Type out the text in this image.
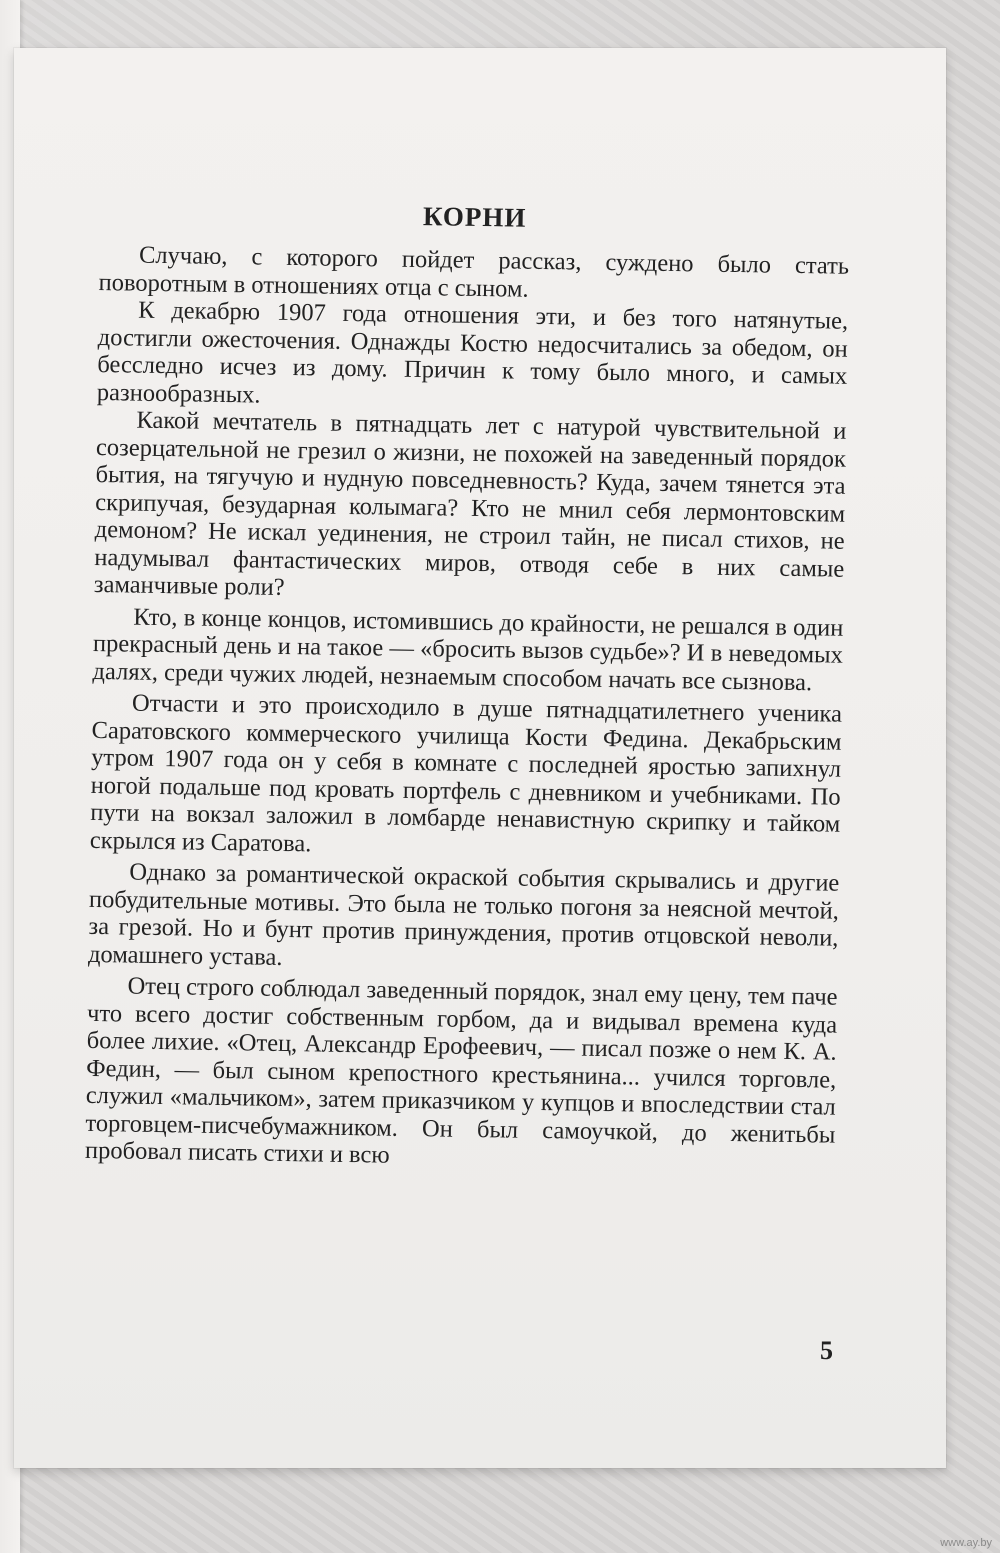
КОРНИ

Случаю, с которого пойдет рассказ, суждено было стать поворотным в отношениях отца с сыном.

К декабрю 1907 года отношения эти, и без того натянутые, достигли ожесточения. Однажды Костю недосчитались за обедом, он бесследно исчез из дому. Причин к тому было много, и самых разнообразных.

Какой мечтатель в пятнадцать лет с натурой чувствительной и созерцательной не грезил о жизни, не похожей на заведенный порядок бытия, на тягучую и нудную повседневность? Куда, зачем тянется эта скрипучая, безударная колымага? Кто не мнил себя лермонтовским демоном? Не искал уединения, не строил тайн, не писал стихов, не надумывал фантастических миров, отводя себе в них самые заманчивые роли?

Кто, в конце концов, истомившись до крайности, не решался в один прекрасный день и на такое — «бросить вызов судьбе»? И в неведомых далях, среди чужих людей, незнаемым способом начать все сызнова.

Отчасти и это происходило в душе пятнадцатилетнего ученика Саратовского коммерческого училища Кости Федина. Декабрьским утром 1907 года он у себя в комнате с последней яростью запихнул ногой подальше под кровать портфель с дневником и учебниками. По пути на вокзал заложил в ломбарде ненавистную скрипку и тайком скрылся из Саратова.

Однако за романтической окраской события скрывались и другие побудительные мотивы. Это была не только погоня за неясной мечтой, за грезой. Но и бунт против принуждения, против отцовской неволи, домашнего устава.

Отец строго соблюдал заведенный порядок, знал ему цену, тем паче что всего достиг собственным горбом, да и видывал времена куда более лихие. «Отец, Александр Ерофеевич, — писал позже о нем К. А. Федин, — был сыном крепостного крестьянина... учился торговле, служил «мальчиком», затем приказчиком у купцов и впоследствии стал торговцем-писчебумажником. Он был самоучкой, до женитьбы пробовал писать стихи и всю

5
www.ay.by
